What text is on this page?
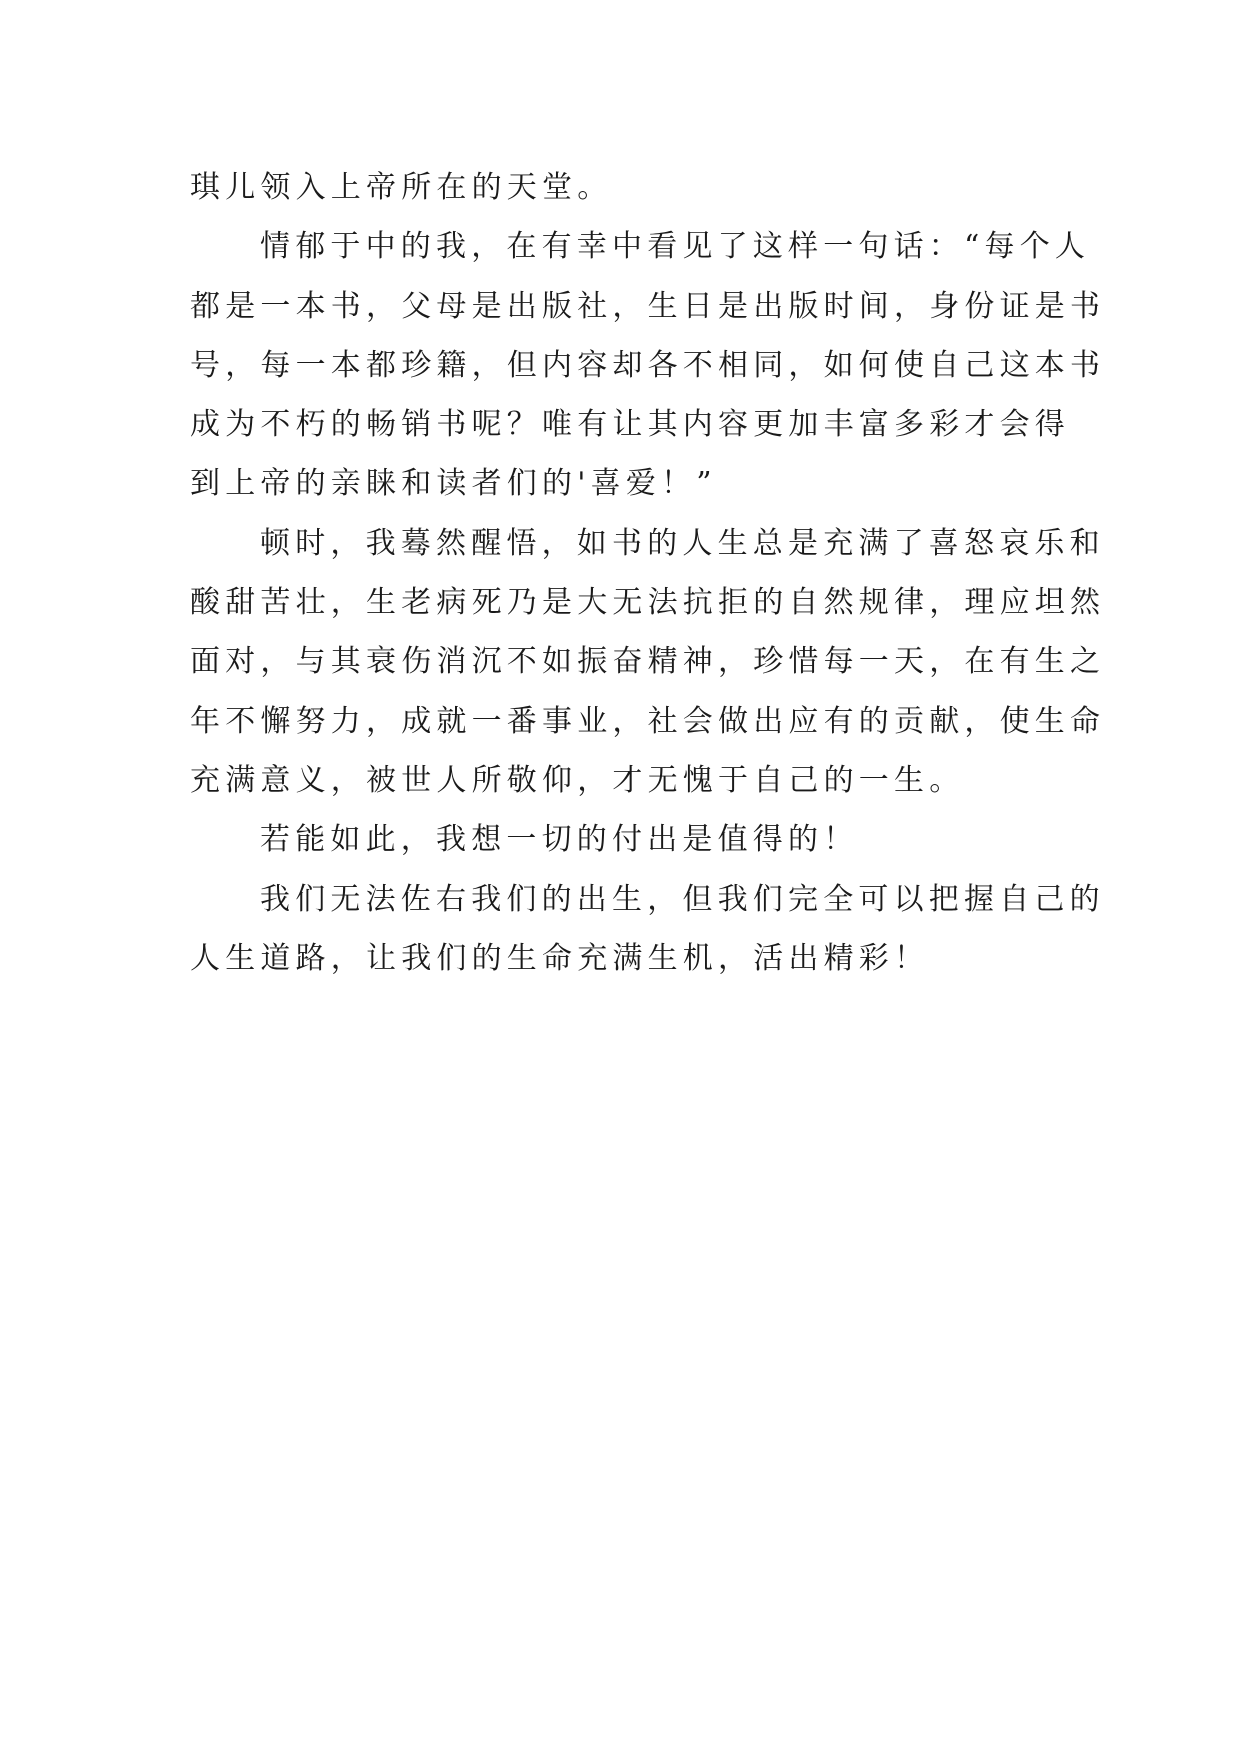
琪儿领入上帝所在的天堂。
情郁于中的我，在有幸中看见了这样一句话：“每个人
都是一本书，父母是出版社，生日是出版时间，身份证是书
号，每一本都珍籍，但内容却各不相同，如何使自己这本书
成为不朽的畅销书呢？唯有让其内容更加丰富多彩才会得
到上帝的亲睐和读者们的'喜爱！”
顿时，我蓦然醒悟，如书的人生总是充满了喜怒哀乐和
酸甜苦壮，生老病死乃是大无法抗拒的自然规律，理应坦然
面对，与其衰伤消沉不如振奋精神，珍惜每一天，在有生之
年不懈努力，成就一番事业，社会做出应有的贡献，使生命
充满意义，被世人所敬仰，才无愧于自己的一生。
若能如此，我想一切的付出是值得的！
我们无法佐右我们的出生，但我们完全可以把握自己的
人生道路，让我们的生命充满生机，活出精彩！
